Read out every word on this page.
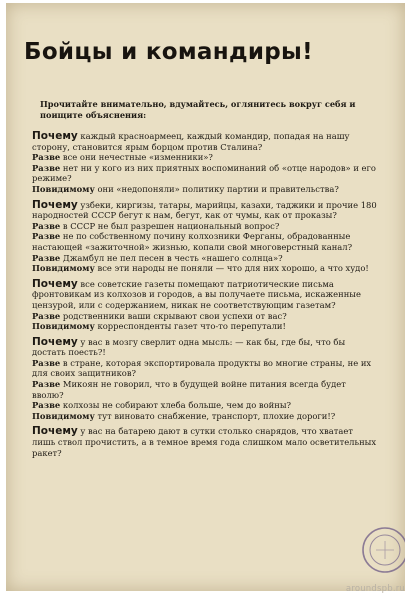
Бойцы и командиры!
Прочитайте внимательно, вдумайтесь, оглянитесь вокруг себя и поищите объяснения:
Почему каждый красноармеец, каждый командир, попадая на нашу сторону, становится ярым борцом против Сталина?
Разве все они нечестные «изменники»?
Разве нет ни у кого из них приятных воспоминаний об «отце народов» и его режиме?
Повидимому они «недопоняли» политику партии и правительства?
Почему узбеки, киргизы, татары, марийцы, казахи, таджики и прочие 180 народностей СССР бегут к нам, бегут, как от чумы, как от проказы?
Разве в СССР не был разрешен национальный вопрос?
Разве не по собственному почину колхозники Ферганы, обрадованные настающей «зажиточной» жизнью, копали свой многоверстный канал?
Разве Джамбул не пел песен в честь «нашего солнца»?
Повидимому все эти народы не поняли — что для них хорошо, а что худо!
Почему все советские газеты помещают патриотические письма фронтовикам из колхозов и городов, а вы получаете письма, искаженные цензурой, или с содержанием, никак не соответствующим газетам?
Разве родственники ваши скрывают свои успехи от вас?
Повидимому корреспонденты газет что-то перепутали!
Почему у вас в мозгу сверлит одна мысль: — как бы, где бы, что бы достать поесть?!
Разве в стране, которая экспортировала продукты во многие страны, не их для своих защитников?
Разве Микоян не говорил, что в будущей войне питания всегда будет вволю?
Разве колхозы не собирают хлеба больше, чем до войны?
Повидимому тут виновато снабжение, транспорт, плохие дороги!?
Почему у вас на батарею дают в сутки столько снарядов, что хватает лишь ствол прочистить, а в темное время года слишком мало осветительных ракет?
aroundspb.ru
